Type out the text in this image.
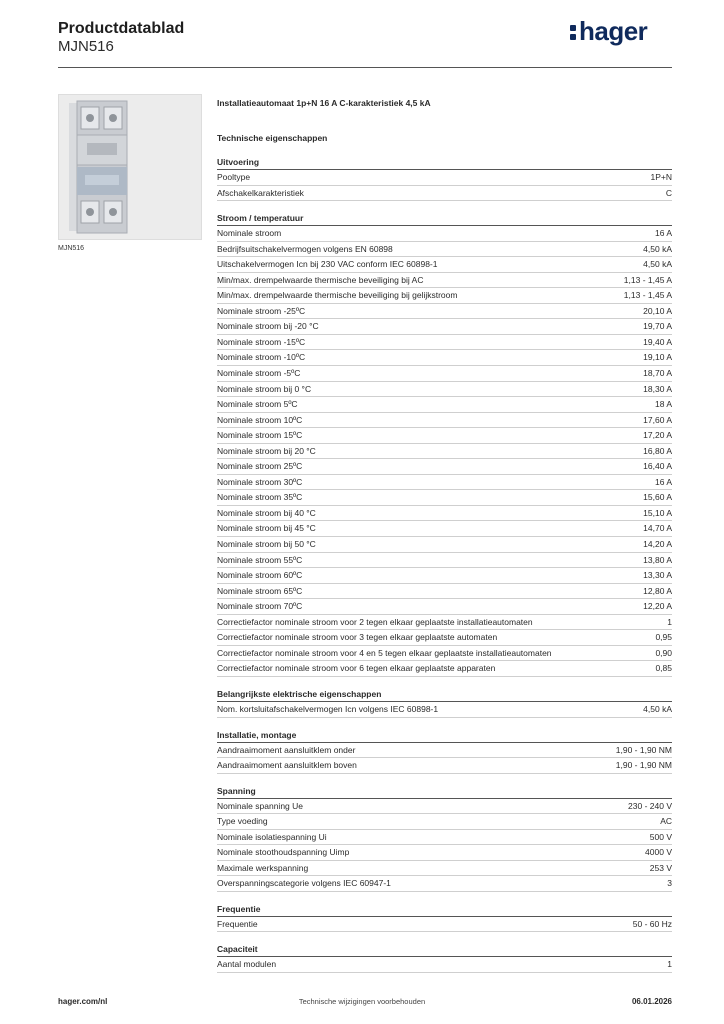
Productdatablad
MJN516
hager
MJN516
Installatieautomaat 1p+N 16 A C-karakteristiek 4,5 kA
Technische eigenschappen
Uitvoering
Pooltype	1P+N
Afschakelkarakteristiek	C
Stroom / temperatuur
Nominale stroom	16 A
Bedrijfsuitschakelvermogen volgens EN 60898	4,50 kA
Uitschakelvermogen Icn bij 230 VAC conform IEC 60898-1	4,50 kA
Min/max. drempelwaarde thermische beveiliging bij AC	1,13 - 1,45 A
Min/max. drempelwaarde thermische beveiliging bij gelijkstroom	1,13 - 1,45 A
Nominale stroom -25ºC	20,10 A
Nominale stroom bij -20 °C	19,70 A
Nominale stroom -15ºC	19,40 A
Nominale stroom -10ºC	19,10 A
Nominale stroom -5ºC	18,70 A
Nominale stroom bij 0 °C	18,30 A
Nominale stroom 5ºC	18 A
Nominale stroom 10ºC	17,60 A
Nominale stroom 15ºC	17,20 A
Nominale stroom bij 20 °C	16,80 A
Nominale stroom 25ºC	16,40 A
Nominale stroom 30ºC	16 A
Nominale stroom 35ºC	15,60 A
Nominale stroom bij 40 °C	15,10 A
Nominale stroom bij 45 °C	14,70 A
Nominale stroom bij 50 °C	14,20 A
Nominale stroom 55ºC	13,80 A
Nominale stroom 60ºC	13,30 A
Nominale stroom 65ºC	12,80 A
Nominale stroom 70ºC	12,20 A
Correctiefactor nominale stroom voor 2 tegen elkaar geplaatste installatieautomaten	1
Correctiefactor nominale stroom voor 3 tegen elkaar geplaatste automaten	0,95
Correctiefactor nominale stroom voor 4 en 5 tegen elkaar geplaatste installatieautomaten	0,90
Correctiefactor nominale stroom voor 6 tegen elkaar geplaatste apparaten	0,85
Belangrijkste elektrische eigenschappen
Nom. kortsluitafschakelvermogen Icn volgens IEC 60898-1	4,50 kA
Installatie, montage
Aandraaimoment aansluitklem onder	1,90 - 1,90 NM
Aandraaimoment aansluitklem boven	1,90 - 1,90 NM
Spanning
Nominale spanning Ue	230 - 240 V
Type voeding	AC
Nominale isolatiespanning Ui	500 V
Nominale stoothoudspanning Uimp	4000 V
Maximale werkspanning	253 V
Overspanningscategorie volgens IEC 60947-1	3
Frequentie
Frequentie	50 - 60 Hz
Capaciteit
Aantal modulen	1
hager.com/nl	Technische wijzigingen voorbehouden	06.01.2026
